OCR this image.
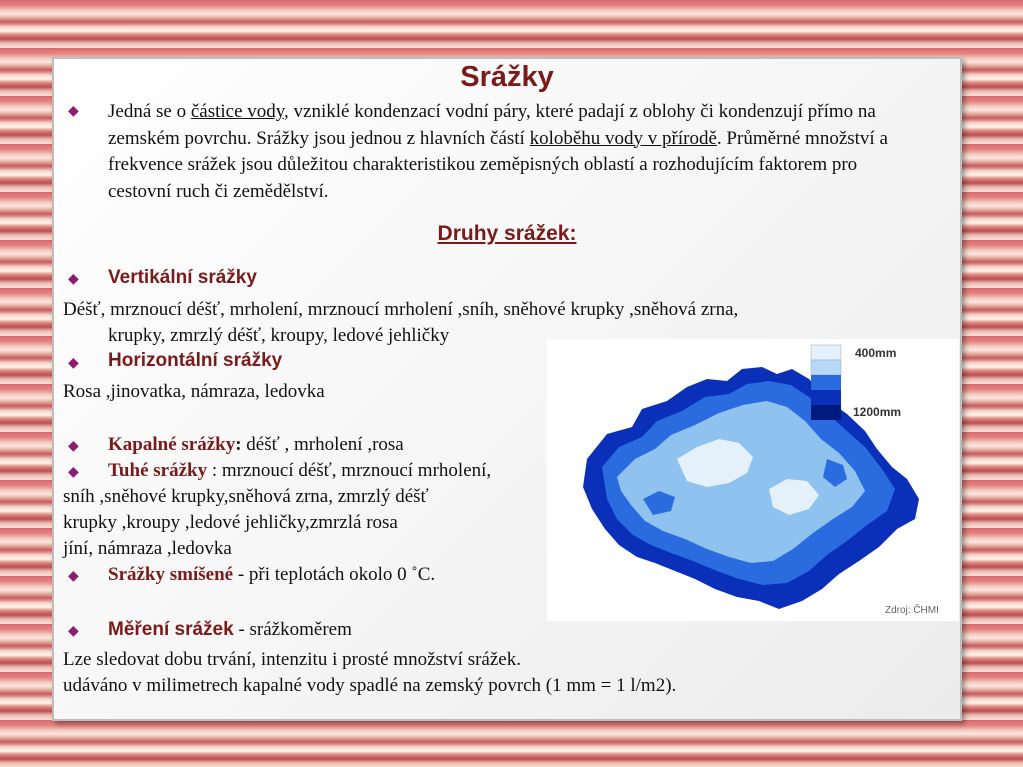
Srážky
Jedná se o částice vody, vzniklé kondenzací vodní páry, které padají z oblohy či kondenzují přímo na zemském povrchu. Srážky jsou jednou z hlavních částí koloběhu vody v přírodě. Průměrné množství a frekvence srážek jsou důležitou charakteristikou zeměpisných oblastí a rozhodujícím faktorem pro cestovní ruch či zemědělství.
Druhy srážek:
Vertikální srážky
Déšť, mrznoucí déšť, mrholení, mrznoucí mrholení ,sníh, sněhové krupky ,sněhová zrna,
krupky, zmrzlý déšť, kroupy, ledové jehličky
Horizontální srážky
Rosa ,jinovatka, námraza, ledovka
400mm
1200mm
Zdroj: ČHMI
Kapalné srážky: déšť , mrholení ,rosa
Tuhé srážky : mrznoucí déšť, mrznoucí mrholení,
sníh ,sněhové krupky,sněhová zrna, zmrzlý déšť
krupky ,kroupy ,ledové jehličky,zmrzlá rosa
jíní, námraza ,ledovka
Srážky smíšené - při teplotách okolo 0 ˚C.
Měření srážek - srážkoměrem
Lze sledovat dobu trvání, intenzitu i prosté množství srážek.
udáváno v milimetrech kapalné vody spadlé na zemský povrch (1 mm = 1 l/m2).
